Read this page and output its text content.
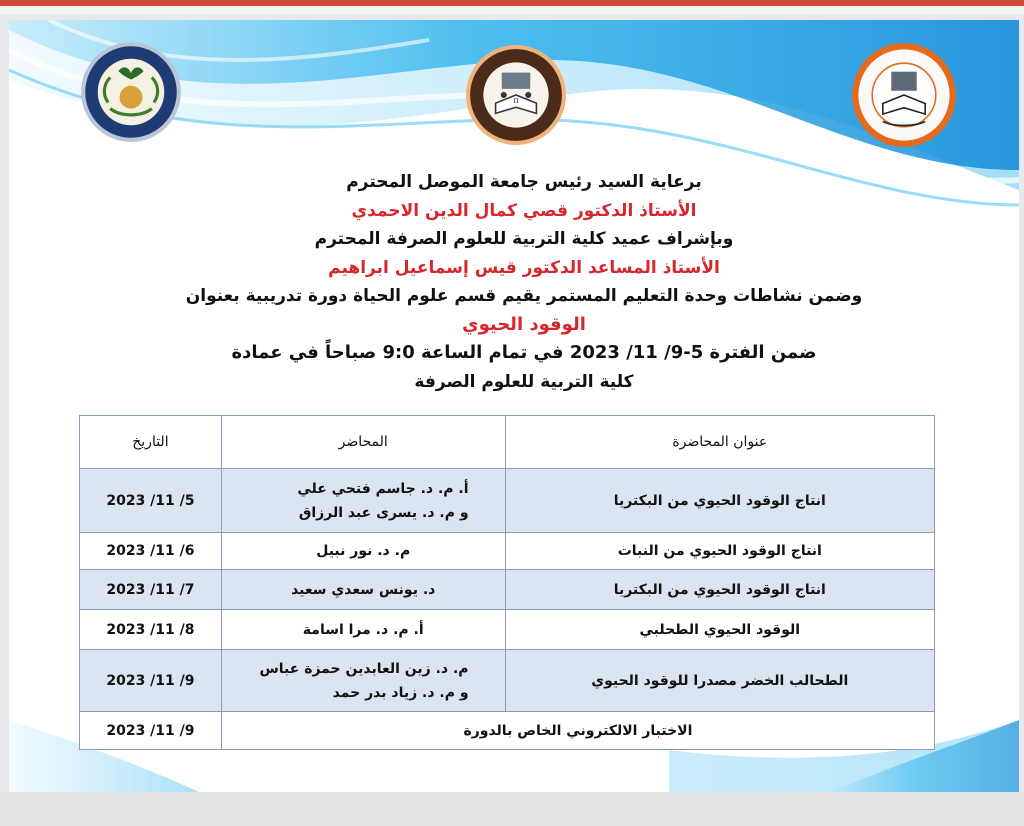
π
برعاية السيد رئيس جامعة الموصل المحترم
الأستاذ الدكتور قصي كمال الدين الاحمدي
وبإشراف عميد كلية التربية للعلوم الصرفة المحترم
الأستاذ المساعد الدكتور قيس إسماعيل ابراهيم
وضمن نشاطات وحدة التعليم المستمر يقيم قسم علوم الحياة دورة تدريبية بعنوان
الوقود الحيوي
ضمن الفترة 5-9/ 11/ 2023 في تمام الساعة 9:0 صباحاً في عمادة
كلية التربية للعلوم الصرفة
عنوان المحاضرة	المحاضر	التاريخ
انتاج الوقود الحيوي من البكتريا	أ. م. د. جاسم فتحي علي
و م. د. يسرى عبد الرزاق	2023 /11 /5
انتاج الوقود الحيوي من النبات	م. د. نور نبيل	2023 /11 /6
انتاج الوقود الحيوي من البكتريا	د. يونس سعدي سعيد	2023 /11 /7
الوقود الحيوي الطحلبي	أ. م. د. مرا اسامة	2023 /11 /8
الطحالب الخضر مصدرا للوقود الحيوي	م. د. زين العابدين حمزة عباس
و م. د. زياد بدر حمد	2023 /11 /9
الاختبار الالكتروني الخاص بالدورة		2023 /11 /9
